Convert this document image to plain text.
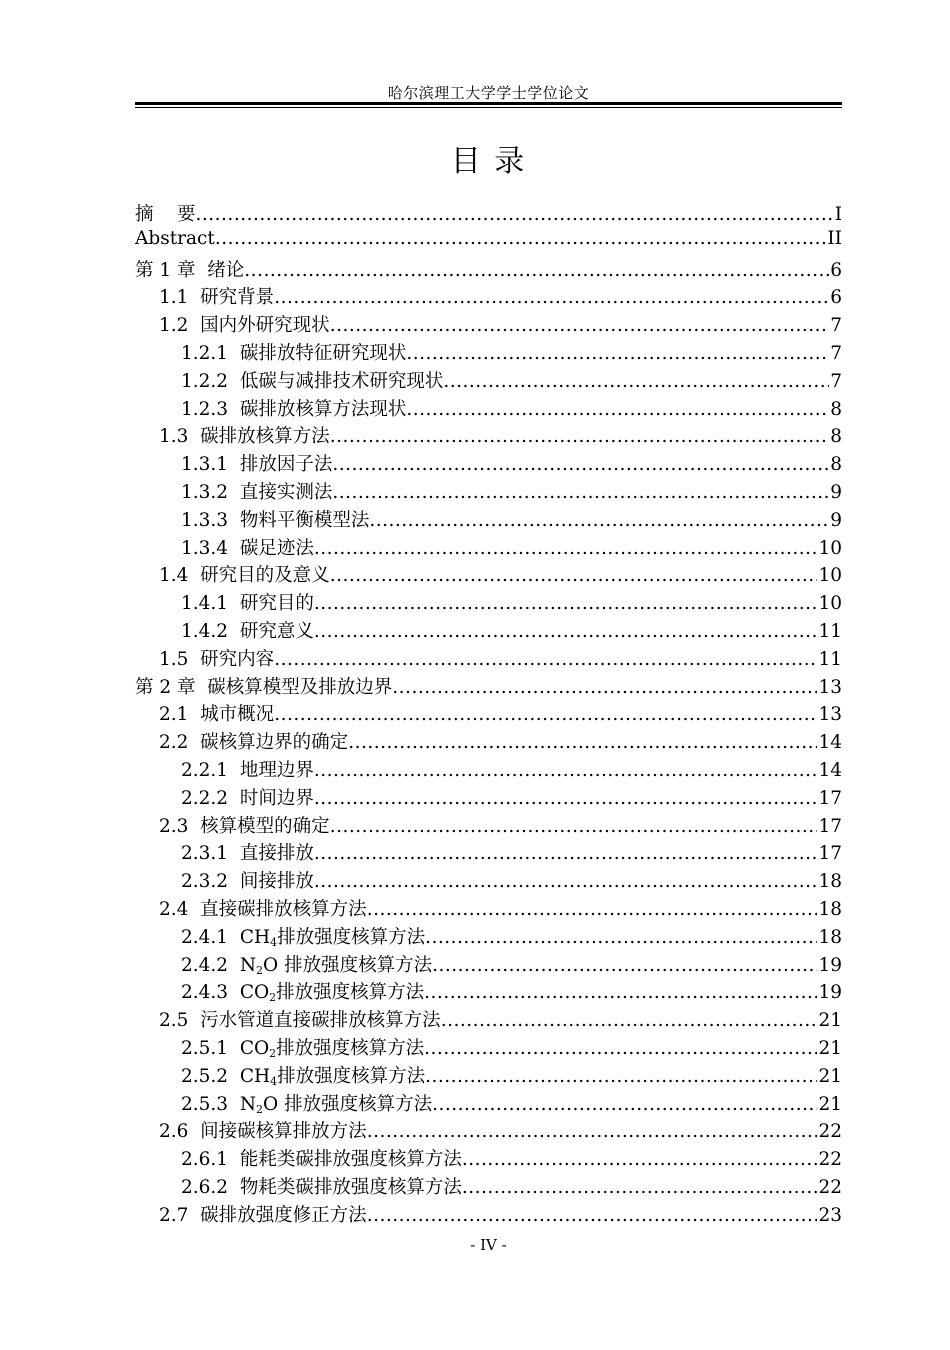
哈尔滨理工大学学士学位论文
目 录
摘    要 .....	I
Abstract .....	II
第 1 章  绪论 .....	6
1.1  研究背景 .....	6
1.2  国内外研究现状 .....	7
1.2.1  碳排放特征研究现状 .....	7
1.2.2  低碳与减排技术研究现状 .....	7
1.2.3  碳排放核算方法现状 .....	8
1.3  碳排放核算方法 .....	8
1.3.1  排放因子法 .....	8
1.3.2  直接实测法 .....	9
1.3.3  物料平衡模型法 .....	9
1.3.4  碳足迹法 .....	10
1.4  研究目的及意义 .....	10
1.4.1  研究目的 .....	10
1.4.2  研究意义 .....	11
1.5  研究内容 .....	11
第 2 章  碳核算模型及排放边界 .....	13
2.1  城市概况 .....	13
2.2  碳核算边界的确定 .....	14
2.2.1  地理边界 .....	14
2.2.2  时间边界 .....	17
2.3  核算模型的确定 .....	17
2.3.1  直接排放 .....	17
2.3.2  间接排放 .....	18
2.4  直接碳排放核算方法 .....	18
2.4.1  $CH_4$排放强度核算方法 .....	18
2.4.2  $N_2O$ 排放强度核算方法 .....	19
2.4.3  $CO_2$排放强度核算方法 .....	19
2.5  污水管道直接碳排放核算方法 .....	21
2.5.1  $CO_2$排放强度核算方法 .....	21
2.5.2  $CH_4$排放强度核算方法 .....	21
2.5.3  $N_2O$ 排放强度核算方法 .....	21
2.6  间接碳核算排放方法 .....	22
2.6.1  能耗类碳排放强度核算方法 .....	22
2.6.2  物耗类碳排放强度核算方法 .....	22
2.7  碳排放强度修正方法 .....	23
- IV -
